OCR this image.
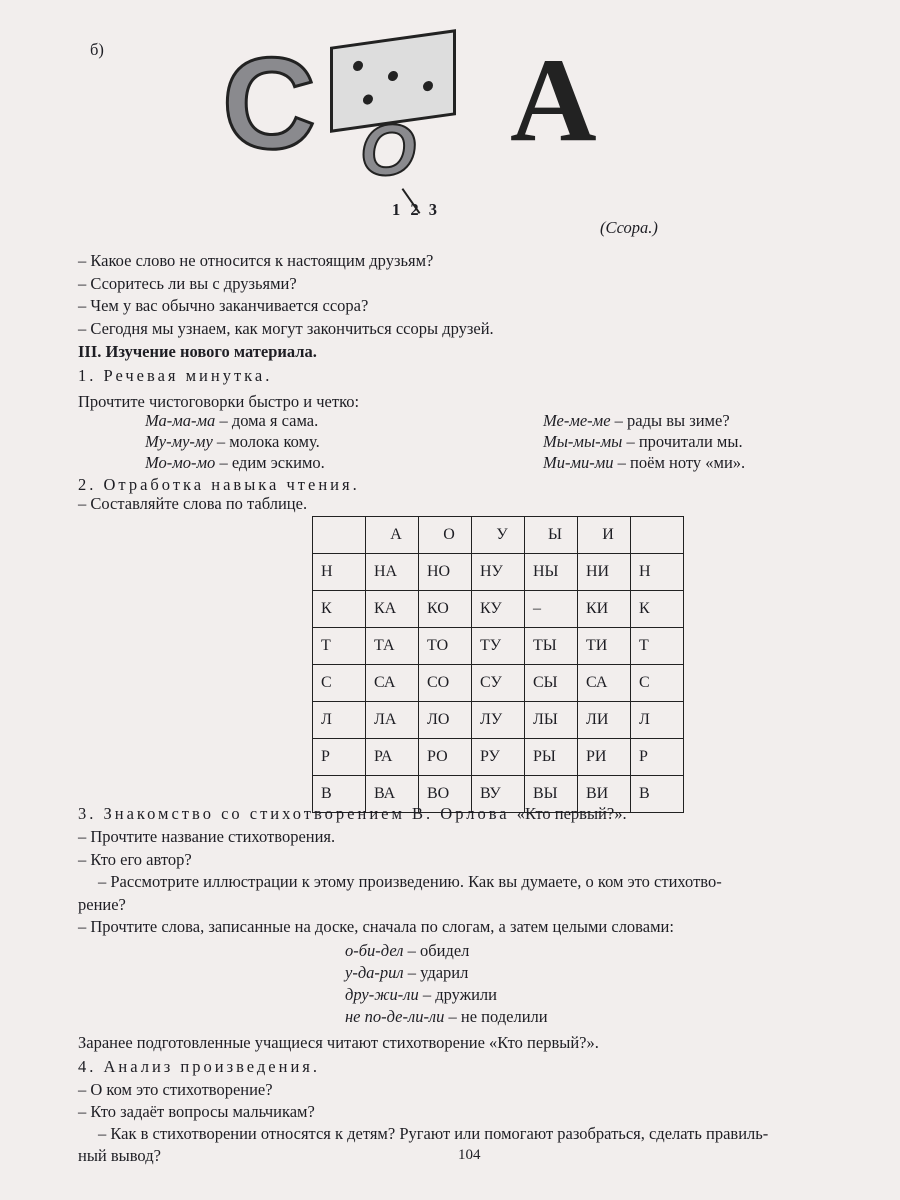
б) С А
О
1 2 3
(Ссора.)
– Какое слово не относится к настоящим друзьям?
– Ссоритесь ли вы с друзьями?
– Чем у вас обычно заканчивается ссора?
– Сегодня мы узнаем, как могут закончиться ссоры друзей.
III. Изучение нового материала.
1. Речевая минутка.
Прочтите чистоговорки быстро и четко:
Ма-ма-ма – дома я сама.
Му-му-му – молока кому.
Мо-мо-мо – едим эскимо.
Ме-ме-ме – рады вы зиме?
Мы-мы-мы – прочитали мы.
Ми-ми-ми – поём ноту «ми».
2. Отработка навыка чтения.
– Составляйте слова по таблице.
	А	О	У	Ы	И	
Н	НА	НО	НУ	НЫ	НИ	Н
К	КА	КО	КУ	–	КИ	К
Т	ТА	ТО	ТУ	ТЫ	ТИ	Т
С	СА	СО	СУ	СЫ	СА	С
Л	ЛА	ЛО	ЛУ	ЛЫ	ЛИ	Л
Р	РА	РО	РУ	РЫ	РИ	Р
В	ВА	ВО	ВУ	ВЫ	ВИ	В
3. Знакомство со стихотворением В. Орлова «Кто первый?».
– Прочтите название стихотворения.
– Кто его автор?
– Рассмотрите иллюстрации к этому произведению. Как вы думаете, о ком это стихотво-
рение?
– Прочтите слова, записанные на доске, сначала по слогам, а затем целыми словами:
о-би-дел – обидел
у-да-рил – ударил
дру-жи-ли – дружили
не по-де-ли-ли – не поделили
Заранее подготовленные учащиеся читают стихотворение «Кто первый?».
4. Анализ произведения.
– О ком это стихотворение?
– Кто задаёт вопросы мальчикам?
– Как в стихотворении относятся к детям? Ругают или помогают разобраться, сделать правиль-
ный вывод?	104
